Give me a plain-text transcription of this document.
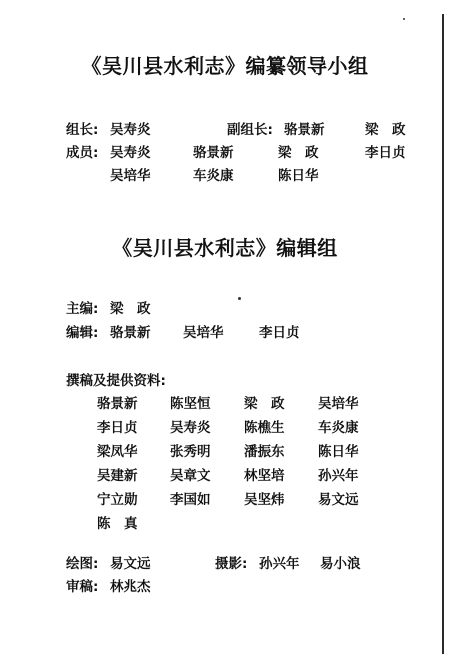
《吴川县水利志》编纂领导小组
组长: 吴寿炎	副组长: 骆景新	梁　政
成员: 吴寿炎	骆景新	梁　政	李日贞
吴培华	车炎康	陈日华
《吴川县水利志》编辑组
主编: 梁　政
编辑: 骆景新 吴培华	李日贞
撰稿及提供资料:
骆景新 陈坚恒 梁　政 吴培华
李日贞 吴寿炎 陈樵生 车炎康
梁凤华 张秀明 潘振东 陈日华
吴建新 吴章文 林坚培 孙兴年
宁立勋 李国如 吴坚炜 易文远
陈　真
绘图: 易文远	摄影: 孙兴年 易小浪
审稿: 林兆杰
